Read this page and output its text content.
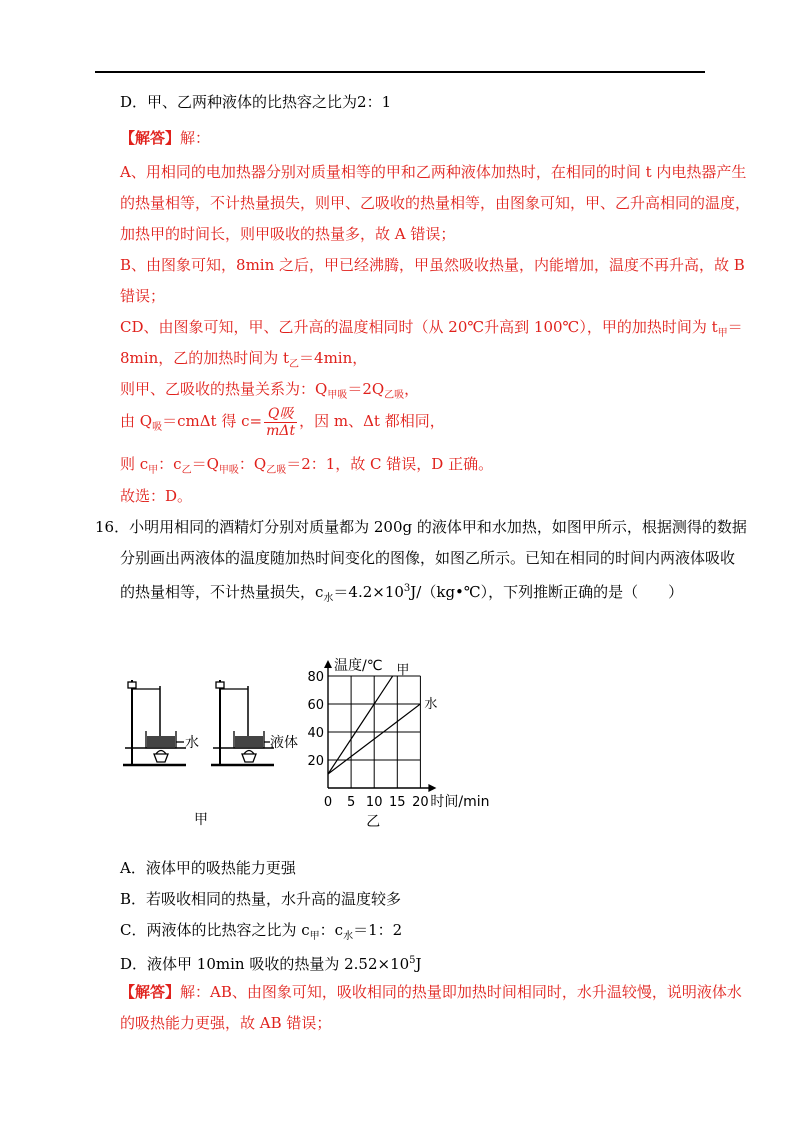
D．甲、乙两种液体的比热容之比为2：1
【解答】解：
A、用相同的电加热器分别对质量相等的甲和乙两种液体加热时，在相同的时间 t 内电热器产生
的热量相等，不计热量损失，则甲、乙吸收的热量相等，由图象可知，甲、乙升高相同的温度，
加热甲的时间长，则甲吸收的热量多，故 A 错误；
B、由图象可知，8min 之后，甲已经沸腾，甲虽然吸收热量，内能增加，温度不再升高，故 B
错误；
CD、由图象可知，甲、乙升高的温度相同时（从 20℃升高到 100℃），甲的加热时间为 $t_甲=$
8min，乙的加热时间为 $t_乙=4\min$，
则甲、乙吸收的热量关系为：$Q_{甲吸}=2Q_{乙吸}$，
由 $Q_吸=cm\Delta t$ 得 $c= \frac{\text{Q吸}}{\text{mΔt}}$ ，因 m、Δt 都相同，
则 $c_甲$：$c_乙=Q_{甲吸}$：$Q_{乙吸}=2$：1，故 C 错误，D 正确。
故选：D。
16．小明用相同的酒精灯分别对质量都为 200g 的液体甲和水加热，如图甲所示，根据测得的数据
分别画出两液体的温度随加热时间变化的图像，如图乙所示。已知在相同的时间内两液体吸收
的热量相等，不计热量损失，$c_水=4.2\times 10^3J/(kg•℃)$，下列推断正确的是（　　）
水	液体
甲
20
40
60
80
0 5 10 15 20
温度/℃
时间/min
甲
水
乙
A．液体甲的吸热能力更强
B．若吸收相同的热量，水升高的温度较多
C．两液体的比热容之比为 $c_甲$：$c_水=1$：2
D．液体甲 10min 吸收的热量为 $2.52\times 10^5J$
【解答】解：AB、由图象可知，吸收相同的热量即加热时间相同时，水升温较慢，说明液体水
的吸热能力更强，故 AB 错误；
